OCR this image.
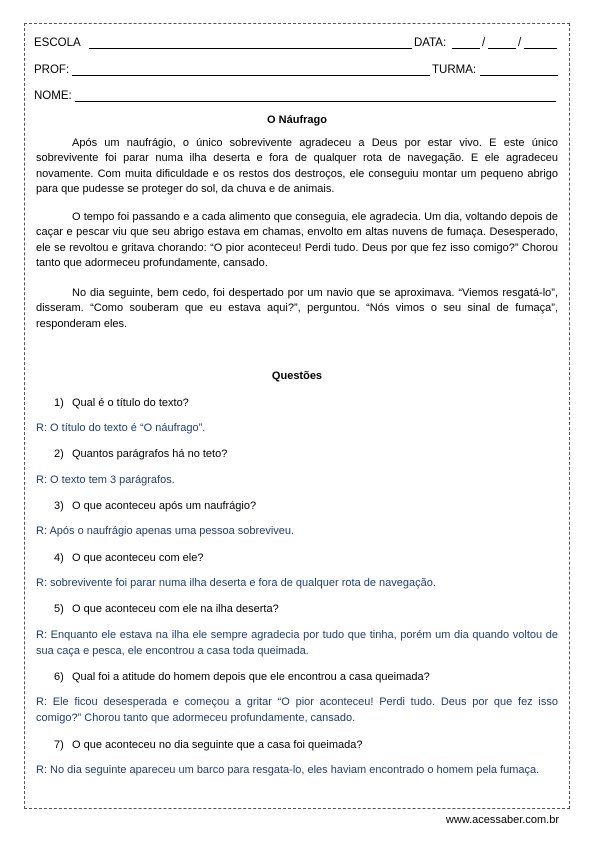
ESCOLA	DATA:	/	/
PROF:	TURMA:
NOME:
O Náufrago

Após um naufrágio, o único sobrevivente agradeceu a Deus por estar vivo. E este único sobrevivente foi parar numa ilha deserta e fora de qualquer rota de navegação. E ele agradeceu novamente. Com muita dificuldade e os restos dos destroços, ele conseguiu montar um pequeno abrigo para que pudesse se proteger do sol, da chuva e de animais.

O tempo foi passando e a cada alimento que conseguia, ele agradecia. Um dia, voltando depois de caçar e pescar viu que seu abrigo estava em chamas, envolto em altas nuvens de fumaça. Desesperado, ele se revoltou e gritava chorando: “O pior aconteceu! Perdi tudo. Deus por que fez isso comigo?” Chorou tanto que adormeceu profundamente, cansado.

No dia seguinte, bem cedo, foi despertado por um navio que se aproximava. “Viemos resgatá-lo”, disseram. “Como souberam que eu estava aqui?”, perguntou. “Nós vimos o seu sinal de fumaça”, responderam eles.

Questões
1) Qual é o título do texto?

R: O título do texto é “O náufrago”.

2) Quantos parágrafos há no teto?

R: O texto tem 3 parágrafos.

3) O que aconteceu após um naufrágio?

R: Após o naufrágio apenas uma pessoa sobreviveu.

4) O que aconteceu com ele?

R: sobrevivente foi parar numa ilha deserta e fora de qualquer rota de navegação.

5) O que aconteceu com ele na ilha deserta?

R: Enquanto ele estava na ilha ele sempre agradecia por tudo que tinha, porém um dia quando voltou de sua caça e pesca, ele encontrou a casa toda queimada.

6) Qual foi a atitude do homem depois que ele encontrou a casa queimada?

R: Ele ficou desesperada e começou a gritar “O pior aconteceu! Perdi tudo. Deus por que fez isso comigo?” Chorou tanto que adormeceu profundamente, cansado.

7) O que aconteceu no dia seguinte que a casa foi queimada?

R: No dia seguinte apareceu um barco para resgata-lo, eles haviam encontrado o homem pela fumaça.

www.acessaber.com.br
